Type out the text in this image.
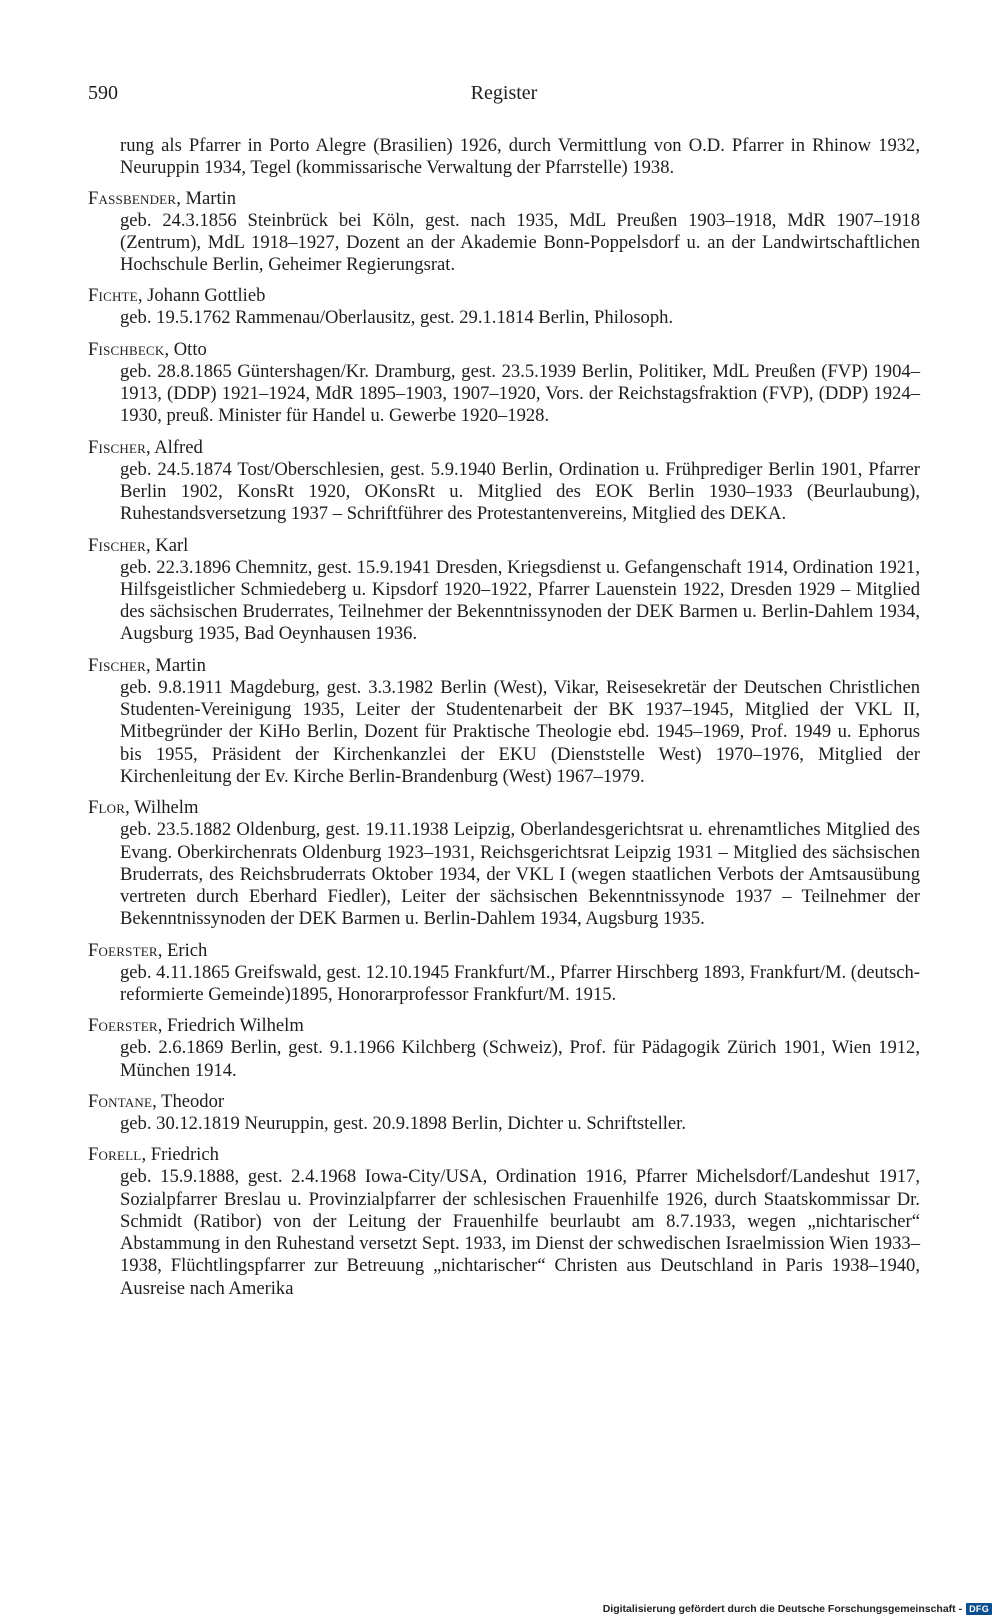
590	Register

rung als Pfarrer in Porto Alegre (Brasilien) 1926, durch Vermittlung von O.D. Pfarrer in Rhinow 1932, Neuruppin 1934, Tegel (kommissarische Verwaltung der Pfarrstelle) 1938.

Fassbender, Martin

geb. 24.3.1856 Steinbrück bei Köln, gest. nach 1935, MdL Preußen 1903–1918, MdR 1907–1918 (Zentrum), MdL 1918–1927, Dozent an der Akademie Bonn-Poppelsdorf u. an der Landwirtschaftlichen Hochschule Berlin, Geheimer Regierungsrat.

Fichte, Johann Gottlieb

geb. 19.5.1762 Rammenau/Oberlausitz, gest. 29.1.1814 Berlin, Philosoph.

Fischbeck, Otto

geb. 28.8.1865 Güntershagen/Kr. Dramburg, gest. 23.5.1939 Berlin, Politiker, MdL Preußen (FVP) 1904–1913, (DDP) 1921–1924, MdR 1895–1903, 1907–1920, Vors. der Reichstagsfraktion (FVP), (DDP) 1924–1930, preuß. Minister für Handel u. Gewerbe 1920–1928.

Fischer, Alfred

geb. 24.5.1874 Tost/Oberschlesien, gest. 5.9.1940 Berlin, Ordination u. Frühprediger Berlin 1901, Pfarrer Berlin 1902, KonsRt 1920, OKonsRt u. Mitglied des EOK Berlin 1930–1933 (Beurlaubung), Ruhestandsversetzung 1937 – Schriftführer des Protestantenvereins, Mitglied des DEKA.

Fischer, Karl

geb. 22.3.1896 Chemnitz, gest. 15.9.1941 Dresden, Kriegsdienst u. Gefangenschaft 1914, Ordination 1921, Hilfsgeistlicher Schmiedeberg u. Kipsdorf 1920–1922, Pfarrer Lauenstein 1922, Dresden 1929 – Mitglied des sächsischen Bruderrates, Teilnehmer der Bekenntnissynoden der DEK Barmen u. Berlin-Dahlem 1934, Augsburg 1935, Bad Oeynhausen 1936.

Fischer, Martin

geb. 9.8.1911 Magdeburg, gest. 3.3.1982 Berlin (West), Vikar, Reisesekretär der Deutschen Christlichen Studenten-Vereinigung 1935, Leiter der Studentenarbeit der BK 1937–1945, Mitglied der VKL II, Mitbegründer der KiHo Berlin, Dozent für Praktische Theologie ebd. 1945–1969, Prof. 1949 u. Ephorus bis 1955, Präsident der Kirchenkanzlei der EKU (Dienststelle West) 1970–1976, Mitglied der Kirchenleitung der Ev. Kirche Berlin-Brandenburg (West) 1967–1979.

Flor, Wilhelm

geb. 23.5.1882 Oldenburg, gest. 19.11.1938 Leipzig, Oberlandesgerichtsrat u. ehrenamtliches Mitglied des Evang. Oberkirchenrats Oldenburg 1923–1931, Reichsgerichtsrat Leipzig 1931 – Mitglied des sächsischen Bruderrats, des Reichsbruderrats Oktober 1934, der VKL I (wegen staatlichen Verbots der Amtsausübung vertreten durch Eberhard Fiedler), Leiter der sächsischen Bekenntnissynode 1937 – Teilnehmer der Bekenntnissynoden der DEK Barmen u. Berlin-Dahlem 1934, Augsburg 1935.

Foerster, Erich

geb. 4.11.1865 Greifswald, gest. 12.10.1945 Frankfurt/M., Pfarrer Hirschberg 1893, Frankfurt/M. (deutsch-reformierte Gemeinde)1895, Honorarprofessor Frankfurt/M. 1915.

Foerster, Friedrich Wilhelm

geb. 2.6.1869 Berlin, gest. 9.1.1966 Kilchberg (Schweiz), Prof. für Pädagogik Zürich 1901, Wien 1912, München 1914.

Fontane, Theodor

geb. 30.12.1819 Neuruppin, gest. 20.9.1898 Berlin, Dichter u. Schriftsteller.

Forell, Friedrich

geb. 15.9.1888, gest. 2.4.1968 Iowa-City/USA, Ordination 1916, Pfarrer Michelsdorf/Landeshut 1917, Sozialpfarrer Breslau u. Provinzialpfarrer der schlesischen Frauenhilfe 1926, durch Staatskommissar Dr. Schmidt (Ratibor) von der Leitung der Frauenhilfe beurlaubt am 8.7.1933, wegen „nichtarischer“ Abstammung in den Ruhestand versetzt Sept. 1933, im Dienst der schwedischen Israelmission Wien 1933–1938, Flüchtlingspfarrer zur Betreuung „nichtarischer“ Christen aus Deutschland in Paris 1938–1940, Ausreise nach Amerika

Digitalisierung gefördert durch die Deutsche Forschungsgemeinschaft - DFG
